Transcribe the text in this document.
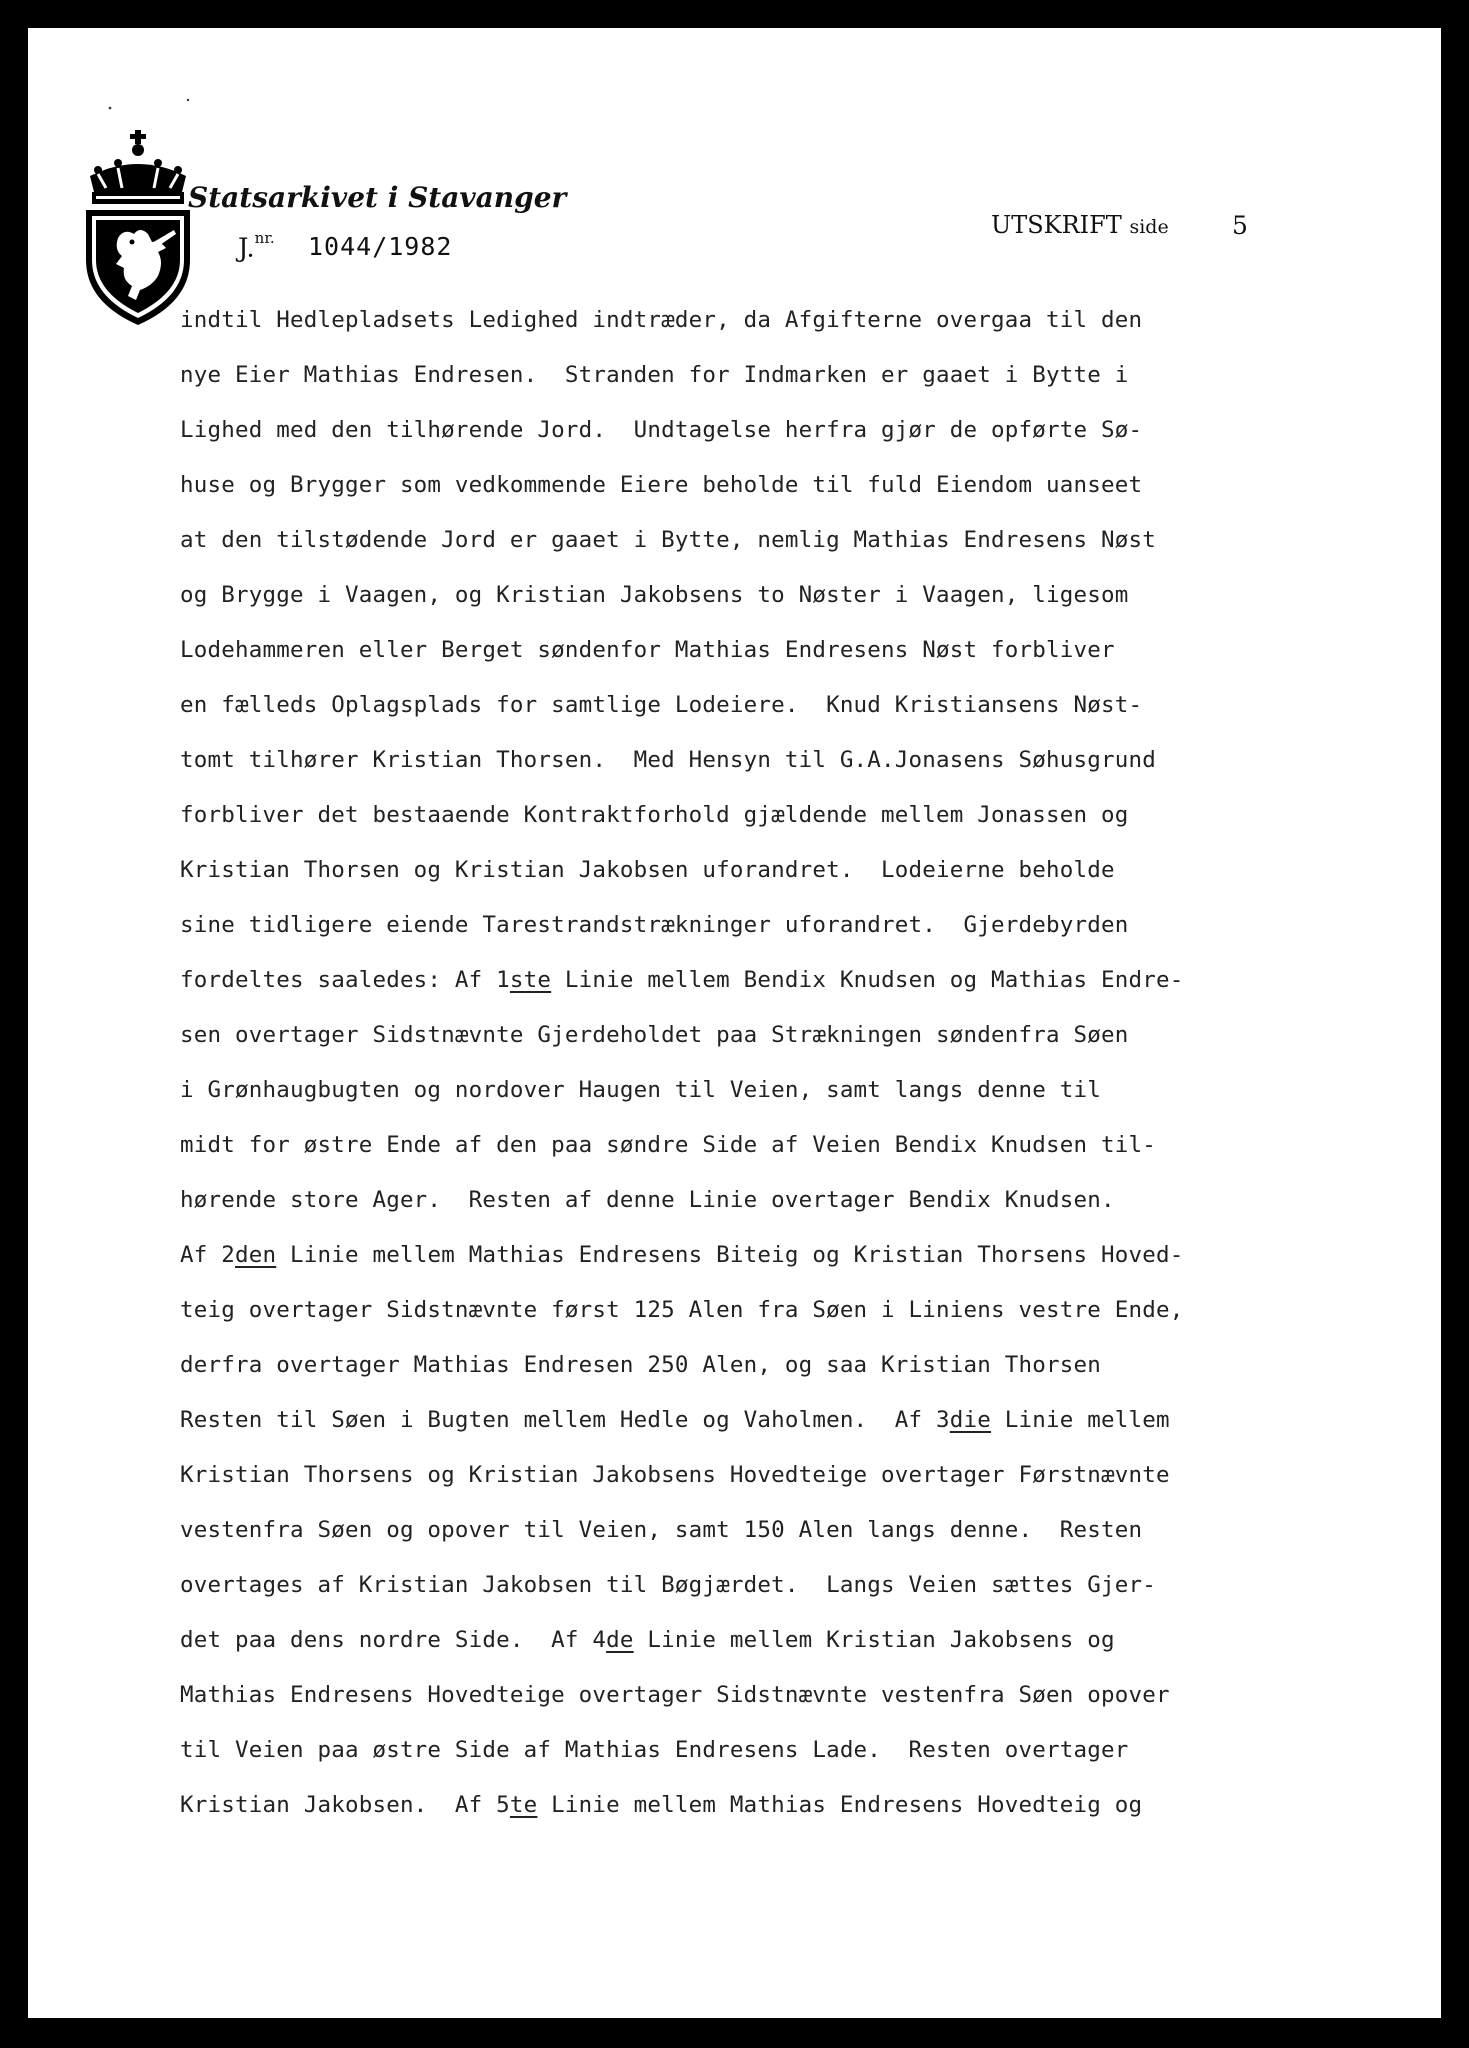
Statsarkivet i Stavanger
J.$^{nr.}$ 1044/1982
UTSKRIFT side	5
indtil Hedlepladsets Ledighed indtræder, da Afgifterne overgaa til den
nye Eier Mathias Endresen.  Stranden for Indmarken er gaaet i Bytte i
Lighed med den tilhørende Jord.  Undtagelse herfra gjør de opførte Sø-
huse og Brygger som vedkommende Eiere beholde til fuld Eiendom uanseet
at den tilstødende Jord er gaaet i Bytte, nemlig Mathias Endresens Nøst
og Brygge i Vaagen, og Kristian Jakobsens to Nøster i Vaagen, ligesom
Lodehammeren eller Berget søndenfor Mathias Endresens Nøst forbliver
en fælleds Oplagsplads for samtlige Lodeiere.  Knud Kristiansens Nøst-
tomt tilhører Kristian Thorsen.  Med Hensyn til G.A.Jonasens Søhusgrund
forbliver det bestaaende Kontraktforhold gjældende mellem Jonassen og
Kristian Thorsen og Kristian Jakobsen uforandret.  Lodeierne beholde
sine tidligere eiende Tarestrandstrækninger uforandret.  Gjerdebyrden
fordeltes saaledes: Af 1ste Linie mellem Bendix Knudsen og Mathias Endre-
sen overtager Sidstnævnte Gjerdeholdet paa Strækningen søndenfra Søen
i Grønhaugbugten og nordover Haugen til Veien, samt langs denne til
midt for østre Ende af den paa søndre Side af Veien Bendix Knudsen til-
hørende store Ager.  Resten af denne Linie overtager Bendix Knudsen.
Af 2den Linie mellem Mathias Endresens Biteig og Kristian Thorsens Hoved-
teig overtager Sidstnævnte først 125 Alen fra Søen i Liniens vestre Ende,
derfra overtager Mathias Endresen 250 Alen, og saa Kristian Thorsen
Resten til Søen i Bugten mellem Hedle og Vaholmen.  Af 3die Linie mellem
Kristian Thorsens og Kristian Jakobsens Hovedteige overtager Førstnævnte
vestenfra Søen og opover til Veien, samt 150 Alen langs denne.  Resten
overtages af Kristian Jakobsen til Bøgjærdet.  Langs Veien sættes Gjer-
det paa dens nordre Side.  Af 4de Linie mellem Kristian Jakobsens og
Mathias Endresens Hovedteige overtager Sidstnævnte vestenfra Søen opover
til Veien paa østre Side af Mathias Endresens Lade.  Resten overtager
Kristian Jakobsen.  Af 5te Linie mellem Mathias Endresens Hovedteig og
